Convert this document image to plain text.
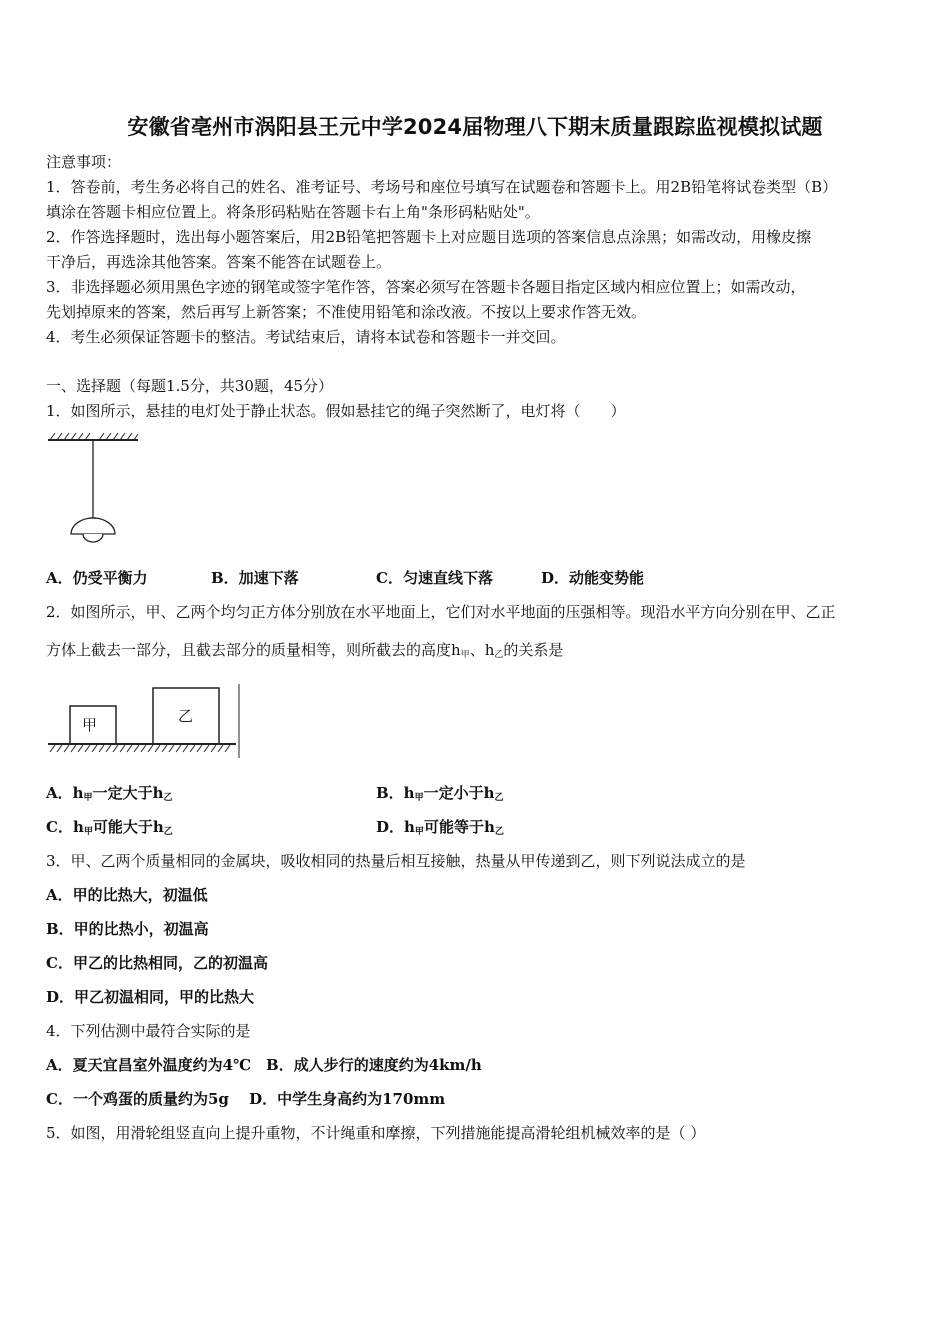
安徽省亳州市涡阳县王元中学2024届物理八下期末质量跟踪监视模拟试题
注意事项：
1．答卷前，考生务必将自己的姓名、准考证号、考场号和座位号填写在试题卷和答题卡上。用2B铅笔将试卷类型（B）
填涂在答题卡相应位置上。将条形码粘贴在答题卡右上角"条形码粘贴处"。
2．作答选择题时，选出每小题答案后，用2B铅笔把答题卡上对应题目选项的答案信息点涂黑；如需改动，用橡皮擦
干净后，再选涂其他答案。答案不能答在试题卷上。
3．非选择题必须用黑色字迹的钢笔或签字笔作答，答案必须写在答题卡各题目指定区域内相应位置上；如需改动，
先划掉原来的答案，然后再写上新答案；不准使用铅笔和涂改液。不按以上要求作答无效。
4．考生必须保证答题卡的整洁。考试结束后，请将本试卷和答题卡一并交回。
一、选择题（每题1.5分，共30题，45分）
1．如图所示，悬挂的电灯处于静止状态。假如悬挂它的绳子突然断了，电灯将（　　）
A．仍受平衡力	B．加速下落	C．匀速直线下落	D．动能变势能
2．如图所示，甲、乙两个均匀正方体分别放在水平地面上，它们对水平地面的压强相等。现沿水平方向分别在甲、乙正
方体上截去一部分，且截去部分的质量相等，则所截去的高度$h_甲$、$h_乙$的关系是
甲	乙
A．$h_甲$一定大于$h_乙$	B．$h_甲$一定小于$h_乙$
C．$h_甲$可能大于$h_乙$	D．$h_甲$可能等于$h_乙$
3．甲、乙两个质量相同的金属块，吸收相同的热量后相互接触，热量从甲传递到乙，则下列说法成立的是
A．甲的比热大，初温低
B．甲的比热小，初温高
C．甲乙的比热相同，乙的初温高
D．甲乙初温相同，甲的比热大
4．下列估测中最符合实际的是
A．夏天宜昌室外温度约为4℃　B．成人步行的速度约为4km/h
C．一个鸡蛋的质量约为5g　 D．中学生身高约为170mm
5．如图，用滑轮组竖直向上提升重物，不计绳重和摩擦，下列措施能提高滑轮组机械效率的是（ ）
